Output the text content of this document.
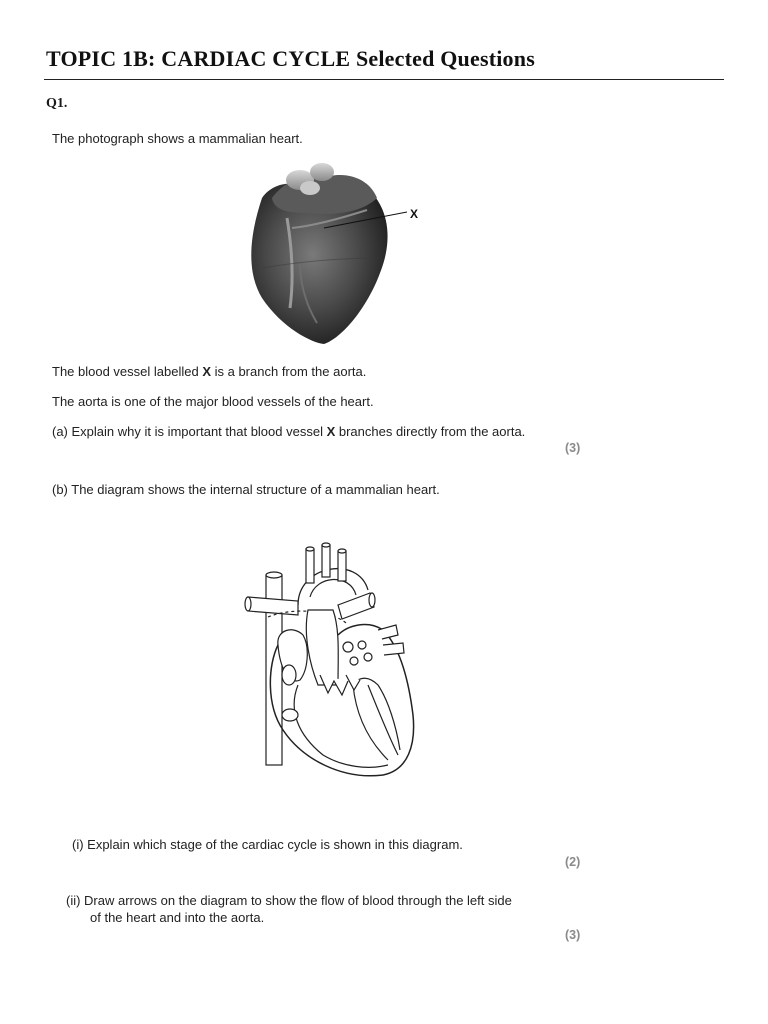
TOPIC 1B: CARDIAC CYCLE Selected Questions
Q1.
The photograph shows a mammalian heart.
X
The blood vessel labelled X is a branch from the aorta.
The aorta is one of the major blood vessels of the heart.
(a) Explain why it is important that blood vessel X branches directly from the aorta.
(3)
(b) The diagram shows the internal structure of a mammalian heart.
(i) Explain which stage of the cardiac cycle is shown in this diagram.
(2)
(ii) Draw arrows on the diagram to show the flow of blood through the left side
of the heart and into the aorta.
(3)
